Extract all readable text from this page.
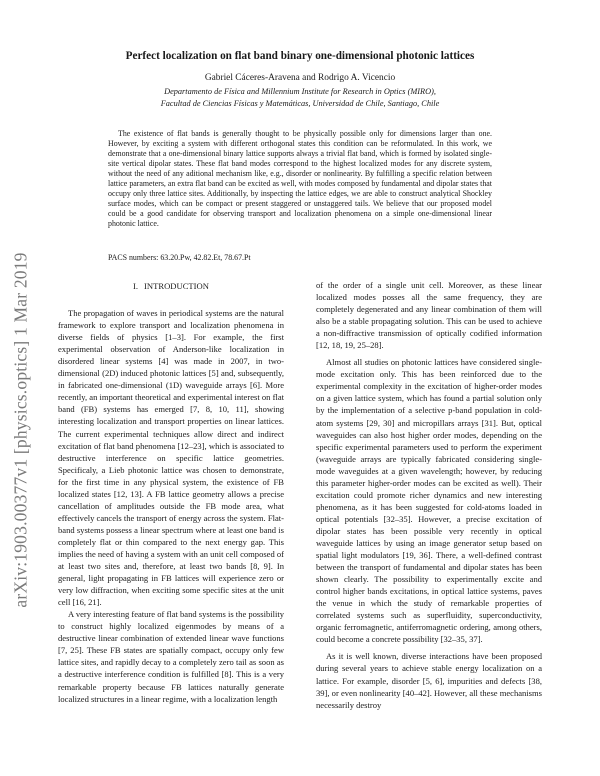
arXiv:1903.00377v1 [physics.optics] 1 Mar 2019
Perfect localization on flat band binary one-dimensional photonic lattices
Gabriel Cáceres-Aravena and Rodrigo A. Vicencio
Departamento de Física and Millennium Institute for Research in Optics (MIRO),
Facultad de Ciencias Físicas y Matemáticas, Universidad de Chile, Santiago, Chile

The existence of flat bands is generally thought to be physically possible only for dimensions larger than one. However, by exciting a system with different orthogonal states this condition can be reformulated. In this work, we demonstrate that a one-dimensional binary lattice supports always a trivial flat band, which is formed by isolated single-site vertical dipolar states. These flat band modes correspond to the highest localized modes for any discrete system, without the need of any aditional mechanism like, e.g., disorder or nonlinearity. By fulfilling a specific relation between lattice parameters, an extra flat band can be excited as well, with modes composed by fundamental and dipolar states that occupy only three lattice sites. Additionally, by inspecting the lattice edges, we are able to construct analytical Shockley surface modes, which can be compact or present staggered or unstaggered tails. We believe that our proposed model could be a good candidate for observing transport and localization phenomena on a simple one-dimensional linear photonic lattice.

PACS numbers: 63.20.Pw, 42.82.Et, 78.67.Pt
I. INTRODUCTION

The propagation of waves in periodical systems are the natural framework to explore transport and localization phenomena in diverse fields of physics [1–3]. For example, the first experimental observation of Anderson-like localization in disordered linear systems [4] was made in 2007, in two-dimensional (2D) induced photonic lattices [5] and, subsequently, in fabricated one-dimensional (1D) waveguide arrays [6]. More recently, an important theoretical and experimental interest on flat band (FB) systems has emerged [7, 8, 10, 11], showing interesting localization and transport properties on linear lattices. The current experimental techniques allow direct and indirect excitation of flat band phenomena [12–23], which is associated to destructive interference on specific lattice geometries. Specificaly, a Lieb photonic lattice was chosen to demonstrate, for the first time in any physical system, the existence of FB localized states [12, 13]. A FB lattice geometry allows a precise cancellation of amplitudes outside the FB mode area, what effectively cancels the transport of energy across the system. Flat-band systems possess a linear spectrum where at least one band is completely flat or thin compared to the next energy gap. This implies the need of having a system with an unit cell composed of at least two sites and, therefore, at least two bands [8, 9]. In general, light propagating in FB lattices will experience zero or very low diffraction, when exciting some specific sites at the unit cell [16, 21].

A very interesting feature of flat band systems is the possibility to construct highly localized eigenmodes by means of a destructive linear combination of extended linear wave functions [7, 25]. These FB states are spatially compact, occupy only few lattice sites, and rapidly decay to a completely zero tail as soon as a destructive interference condition is fulfilled [8]. This is a very remarkable property because FB lattices naturally generate localized structures in a linear regime, with a localization length

of the order of a single unit cell. Moreover, as these linear localized modes posses all the same frequency, they are completely degenerated and any linear combination of them will also be a stable propagating solution. This can be used to achieve a non-diffractive transmission of optically codified information [12, 18, 19, 25–28].

Almost all studies on photonic lattices have considered single-mode excitation only. This has been reinforced due to the experimental complexity in the excitation of higher-order modes on a given lattice system, which has found a partial solution only by the implementation of a selective p-band population in cold-atom systems [29, 30] and micropillars arrays [31]. But, optical waveguides can also host higher order modes, depending on the specific experimental parameters used to perform the experiment (waveguide arrays are typically fabricated considering single-mode waveguides at a given wavelength; however, by reducing this parameter higher-order modes can be excited as well). Their excitation could promote richer dynamics and new interesting phenomena, as it has been suggested for cold-atoms loaded in optical potentials [32–35]. However, a precise excitation of dipolar states has been possible very recently in optical waveguide lattices by using an image generator setup based on spatial light modulators [19, 36]. There, a well-defined contrast between the transport of fundamental and dipolar states has been shown clearly. The possibility to experimentally excite and control higher bands excitations, in optical lattice systems, paves the venue in which the study of remarkable properties of correlated systems such as superfluidity, superconductivity, organic ferromagnetic, antiferromagnetic ordering, among others, could become a concrete possibility [32–35, 37].

As it is well known, diverse interactions have been proposed during several years to achieve stable energy localization on a lattice. For example, disorder [5, 6], impurities and defects [38, 39], or even nonlinearity [40–42]. However, all these mechanisms necessarily destroy
